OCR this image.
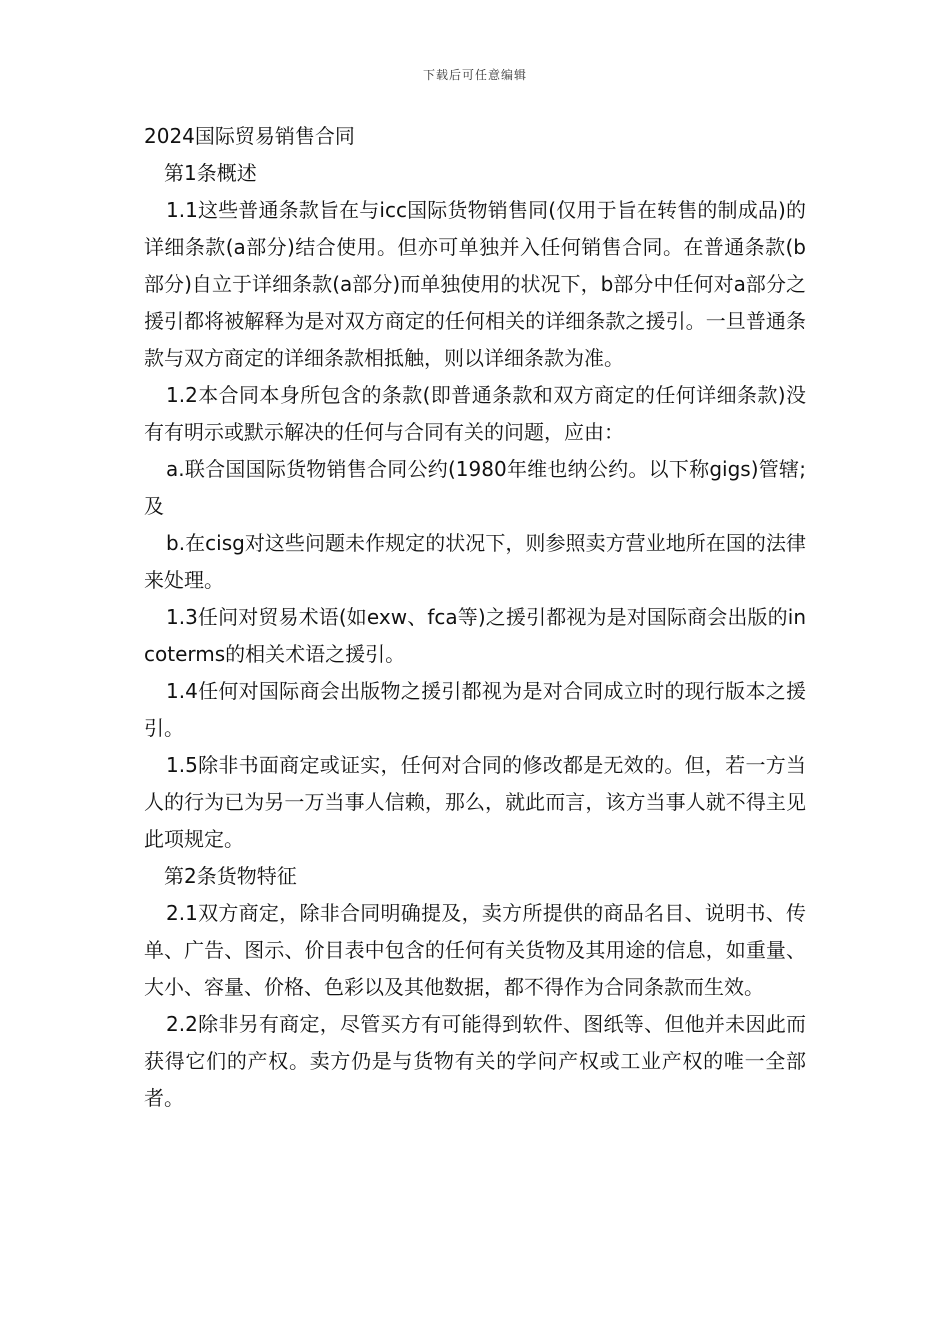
下载后可任意编辑

2024国际贸易销售合同

第1条概述

1.1这些普通条款旨在与icc国际货物销售同(仅用于旨在转售的制成品)的详细条款(a部分)结合使用。但亦可单独并入任何销售合同。在普通条款(b部分)自立于详细条款(a部分)而单独使用的状况下，b部分中任何对a部分之援引都将被解释为是对双方商定的任何相关的详细条款之援引。一旦普通条款与双方商定的详细条款相抵触，则以详细条款为准。

1.2本合同本身所包含的条款(即普通条款和双方商定的任何详细条款)没有有明示或默示解决的任何与合同有关的问题，应由：

a.联合国国际货物销售合同公约(1980年维也纳公约。以下称gigs)管辖;及

b.在cisg对这些问题未作规定的状况下，则参照卖方营业地所在国的法律来处理。

1.3任问对贸易术语(如exw、fca等)之援引都视为是对国际商会出版的incoterms的相关术语之援引。

1.4任何对国际商会出版物之援引都视为是对合同成立时的现行版本之援引。

1.5除非书面商定或证实，任何对合同的修改都是无效的。但，若一方当人的行为已为另一万当事人信赖，那么，就此而言，该方当事人就不得主见此项规定。

第2条货物特征

2.1双方商定，除非合同明确提及，卖方所提供的商品名目、说明书、传单、广告、图示、价目表中包含的任何有关货物及其用途的信息，如重量、大小、容量、价格、色彩以及其他数据，都不得作为合同条款而生效。

2.2除非另有商定，尽管买方有可能得到软件、图纸等、但他并未因此而获得它们的产权。卖方仍是与货物有关的学问产权或工业产权的唯一全部者。
